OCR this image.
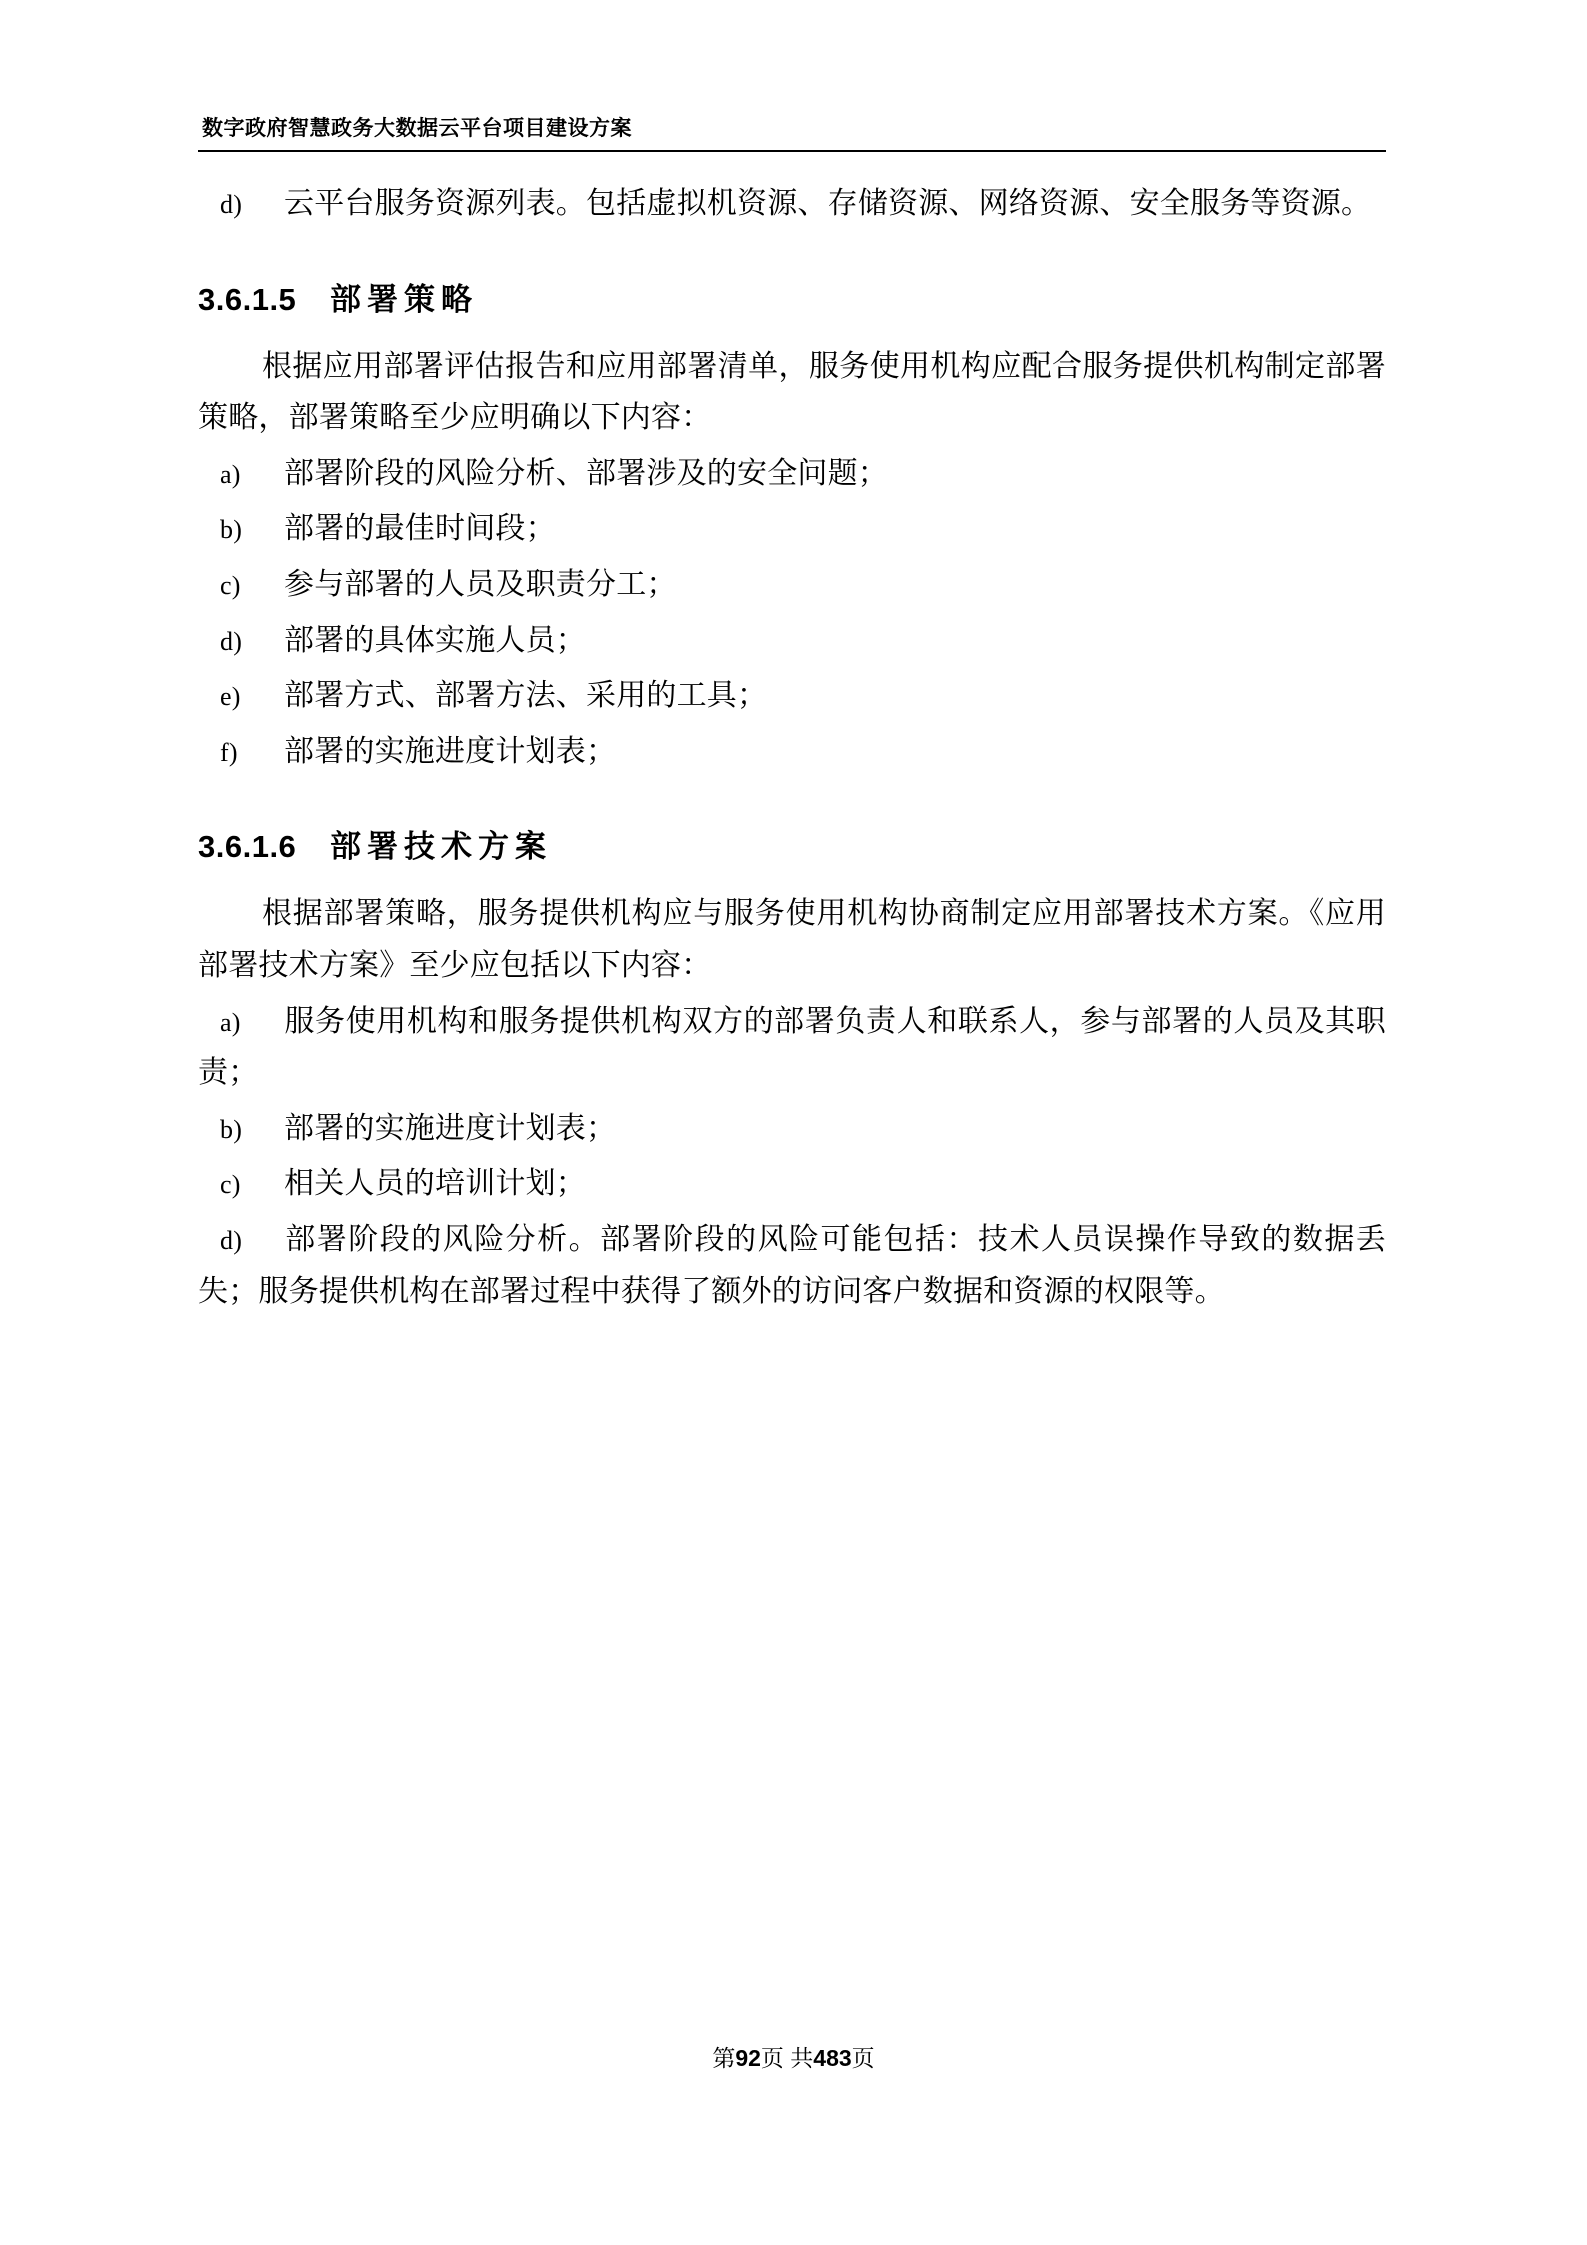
数字政府智慧政务大数据云平台项目建设方案

d) 云平台服务资源列表。包括虚拟机资源、存储资源、网络资源、安全服务等资源。

3.6.1.5 部署策略

根据应用部署评估报告和应用部署清单，服务使用机构应配合服务提供机构制定部署策略，部署策略至少应明确以下内容：

a) 部署阶段的风险分析、部署涉及的安全问题；

b) 部署的最佳时间段；

c) 参与部署的人员及职责分工；

d) 部署的具体实施人员；

e) 部署方式、部署方法、采用的工具；

f) 部署的实施进度计划表；

3.6.1.6 部署技术方案

根据部署策略，服务提供机构应与服务使用机构协商制定应用部署技术方案。《应用部署技术方案》至少应包括以下内容：

a) 服务使用机构和服务提供机构双方的部署负责人和联系人，参与部署的人员及其职责；

b) 部署的实施进度计划表；

c) 相关人员的培训计划；

d) 部署阶段的风险分析。部署阶段的风险可能包括：技术人员误操作导致的数据丢失；服务提供机构在部署过程中获得了额外的访问客户数据和资源的权限等。

第92页 共483页
